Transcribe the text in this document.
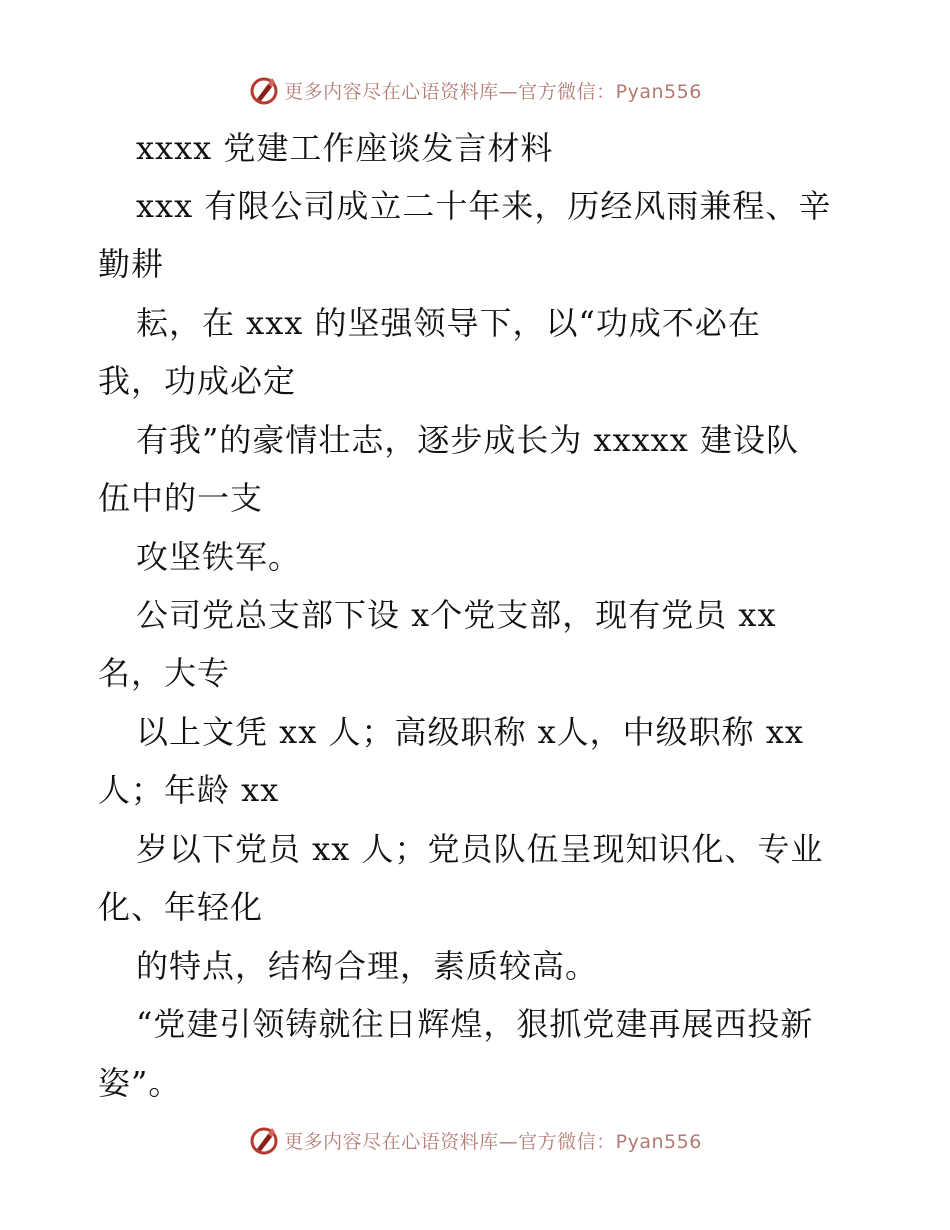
更多内容尽在心语资料库—官方微信：Pyan556
xxxx 党建工作座谈发言材料
xxx 有限公司成立二十年来，历经风雨兼程、辛
勤耕
耘，在 xxx 的坚强领导下，以“功成不必在
我，功成必定
有我”的豪情壮志，逐步成长为 xxxxx 建设队
伍中的一支
攻坚铁军。
公司党总支部下设 x个党支部，现有党员 xx
名，大专
以上文凭 xx 人；高级职称 x人，中级职称 xx
人；年龄 xx
岁以下党员 xx 人；党员队伍呈现知识化、专业
化、年轻化
的特点，结构合理，素质较高。
“党建引领铸就往日辉煌，狠抓党建再展西投新
姿”。
更多内容尽在心语资料库—官方微信：Pyan556
